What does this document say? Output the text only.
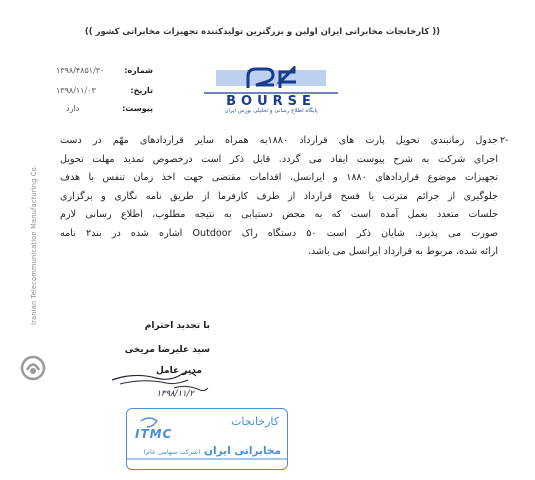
(( کارخانجات مخابراتی ایران اولین و بزرگترین تولیدکننده تجهیزات مخابراتی کشور ))
شماره:
۱۳۹۸/۴۸۵۱/۳۰
تاریخ:
۱۳۹۸/۱۱/۰۳
پیوست:
دارد	BOURSE
پایگاه اطلاع رسانی و تحلیلی بورس ایران
-۲
جدول زمانبندی تحویل پارت های قرارداد ۱۸۸۰به همراه سایر قراردادهای مهّم در دست
اجرای شرکت به شرح پیوست ایفاد می گردد. قابل ذکر است درخصوص تمدید مهلت تحویل
تجهیزات موضوع قراردادهای ۱۸۸۰ و ایرانسل، اقدامات مقتضی جهت اخذ زمان تنفس با هدف
جلوگیری از جرائم مترتب یا فسخ قرارداد از طرف کارفرما از طریق نامه نگاری و برگزاری
جلسات متعدد بعمل آمده است که به محض دستیابی به نتیجه مطلوب، اطلاع رسانی لازم
صورت می پذیرد. شایان ذکر است ۵۰ دستگاه راک Outdoor اشاره شده در بند۲ نامه
ارائه شده، مربوط به قرارداد ایرانسل می باشد.
Iranian Telecommunication Manufacturing Co.
با تجدید احترام
سید علیرضا مریخی
مدیر عامل
۱۳۹۸/۱۱/۲
کارخانجات
ITMC
مخابراتی ایران (شرکت سهامی عام)
